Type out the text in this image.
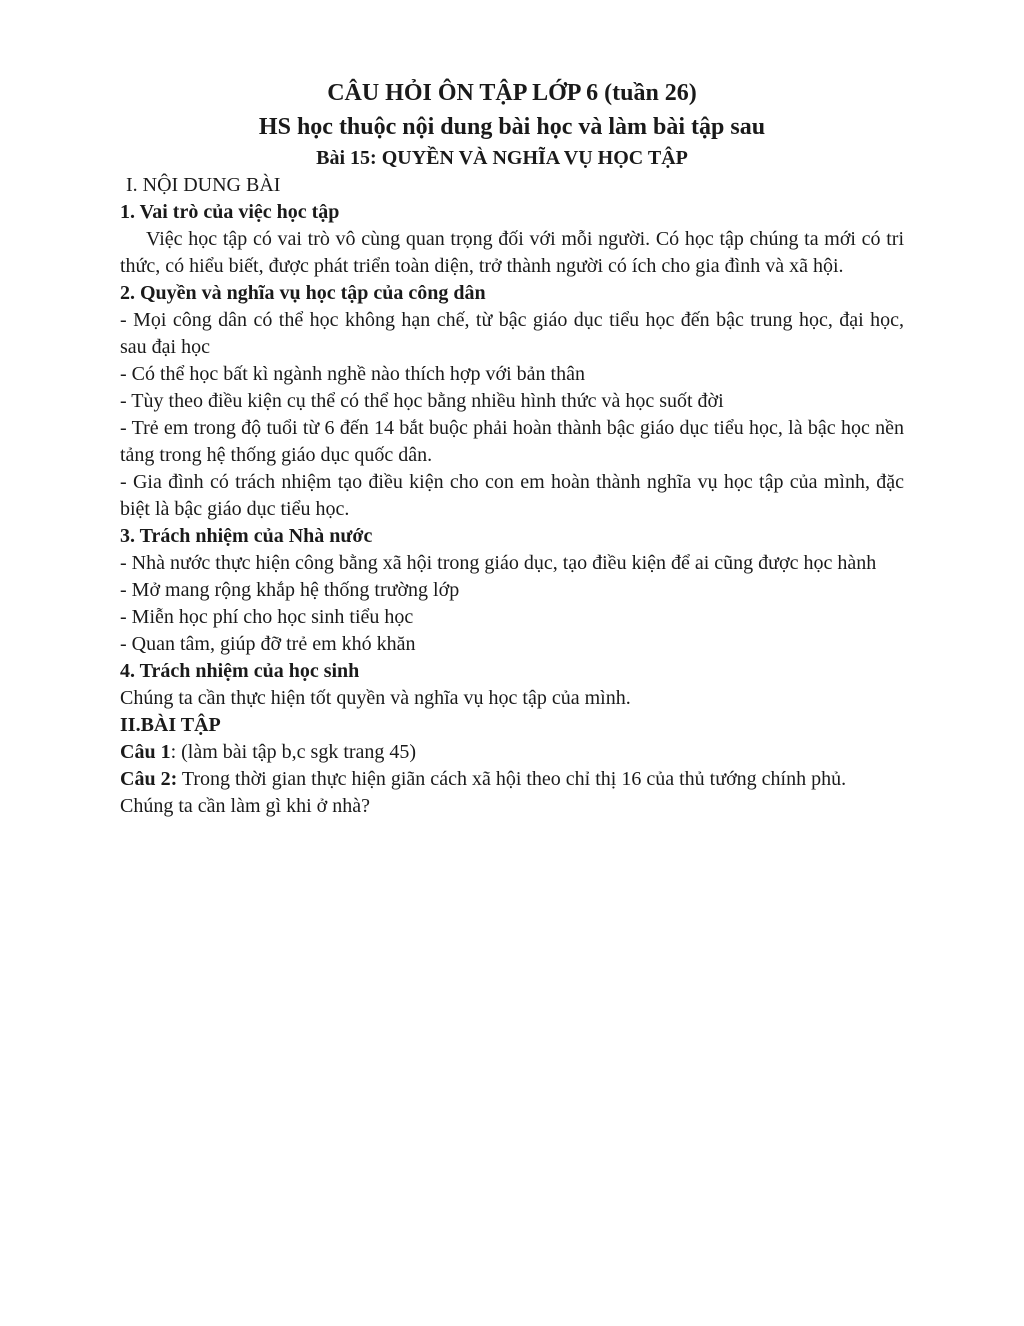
CÂU HỎI ÔN TẬP LỚP 6 (tuần 26)

HS học thuộc nội dung bài học và làm bài tập sau

Bài 15: QUYỀN VÀ NGHĨA VỤ HỌC TẬP

I. NỘI DUNG BÀI

1. Vai trò của việc học tập

Việc học tập có vai trò vô cùng quan trọng đối với mỗi người. Có học tập chúng ta mới có tri thức, có hiểu biết, được phát triển toàn diện, trở thành người có ích cho gia đình và xã hội.

2. Quyền và nghĩa vụ học tập của công dân

- Mọi công dân có thể học không hạn chế, từ bậc giáo dục tiểu học đến bậc trung học, đại học, sau đại học

- Có thể học bất kì ngành nghề nào thích hợp với bản thân

- Tùy theo điều kiện cụ thể có thể học bằng nhiều hình thức và học suốt đời

- Trẻ em trong độ tuổi từ 6 đến 14 bắt buộc phải hoàn thành bậc giáo dục tiểu học, là bậc học nền tảng trong hệ thống giáo dục quốc dân.

- Gia đình có trách nhiệm tạo điều kiện cho con em hoàn thành nghĩa vụ học tập của mình, đặc biệt là bậc giáo dục tiểu học.

3. Trách nhiệm của Nhà nước

- Nhà nước thực hiện công bằng xã hội trong giáo dục, tạo điều kiện để ai cũng được học hành

- Mở mang rộng khắp hệ thống trường lớp

- Miễn học phí cho học sinh tiểu học

- Quan tâm, giúp đỡ trẻ em khó khăn

4. Trách nhiệm của học sinh

Chúng ta cần thực hiện tốt quyền và nghĩa vụ học tập của mình.

II.BÀI TẬP

Câu 1: (làm bài tập b,c sgk trang 45)

Câu 2: Trong thời gian thực hiện giãn cách xã hội theo chỉ thị 16 của thủ tướng chính phủ. Chúng ta cần làm gì khi ở nhà?
